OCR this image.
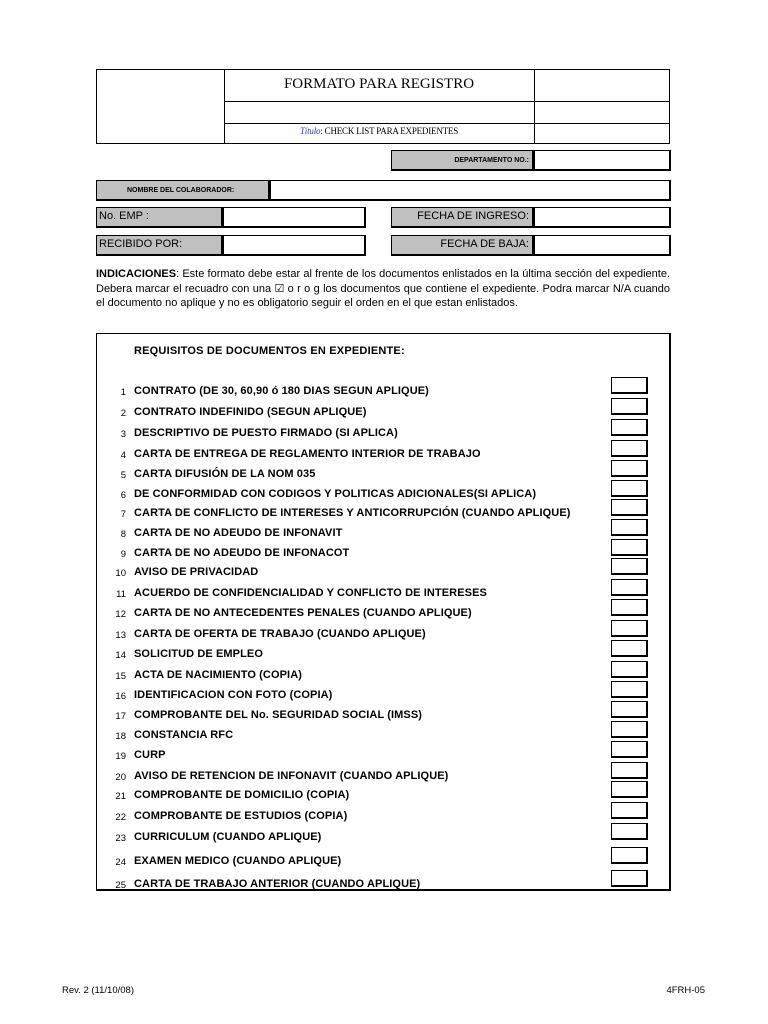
FORMATO PARA REGISTRO
Título: CHECK LIST PARA EXPEDIENTES
DEPARTAMENTO NO.:
NOMBRE DEL COLABORADOR:
No. EMP :	FECHA DE INGRESO:
RECIBIDO POR:	FECHA DE BAJA:
INDICACIONES: Este formato debe estar al frente de los documentos enlistados en la última sección del expediente. Debera marcar el recuadro con una ☑ o r o g los documentos que contiene el expediente. Podra marcar N/A cuando el documento no aplique y no es obligatorio seguir el orden en el que estan enlistados.
REQUISITOS DE DOCUMENTOS EN EXPEDIENTE:
1 CONTRATO (DE 30, 60,90 ó 180 DIAS SEGUN APLIQUE)
2 CONTRATO INDEFINIDO (SEGUN APLIQUE)
3 DESCRIPTIVO DE PUESTO FIRMADO (SI APLICA)
4 CARTA DE ENTREGA DE REGLAMENTO INTERIOR DE TRABAJO
5 CARTA DIFUSIÓN DE LA NOM 035
6 DE CONFORMIDAD CON CODIGOS Y POLITICAS ADICIONALES(SI APLICA)
7 CARTA DE CONFLICTO DE INTERESES Y ANTICORRUPCIÓN (CUANDO APLIQUE)
8 CARTA DE NO ADEUDO DE INFONAVIT
9 CARTA DE NO ADEUDO DE INFONACOT
10 AVISO DE PRIVACIDAD
11 ACUERDO DE CONFIDENCIALIDAD Y CONFLICTO DE INTERESES
12 CARTA DE NO ANTECEDENTES PENALES (CUANDO APLIQUE)
13 CARTA DE OFERTA DE TRABAJO (CUANDO APLIQUE)
14 SOLICITUD DE EMPLEO
15 ACTA DE NACIMIENTO (COPIA)
16 IDENTIFICACION CON FOTO (COPIA)
17 COMPROBANTE DEL No. SEGURIDAD SOCIAL (IMSS)
18 CONSTANCIA RFC
19 CURP
20 AVISO DE RETENCION DE INFONAVIT (CUANDO APLIQUE)
21 COMPROBANTE DE DOMICILIO (COPIA)
22 COMPROBANTE DE ESTUDIOS (COPIA)
23 CURRICULUM (CUANDO APLIQUE)
24 EXAMEN MEDICO (CUANDO APLIQUE)
25 CARTA DE TRABAJO ANTERIOR (CUANDO APLIQUE)
Rev. 2 (11/10/08)	4FRH-05
